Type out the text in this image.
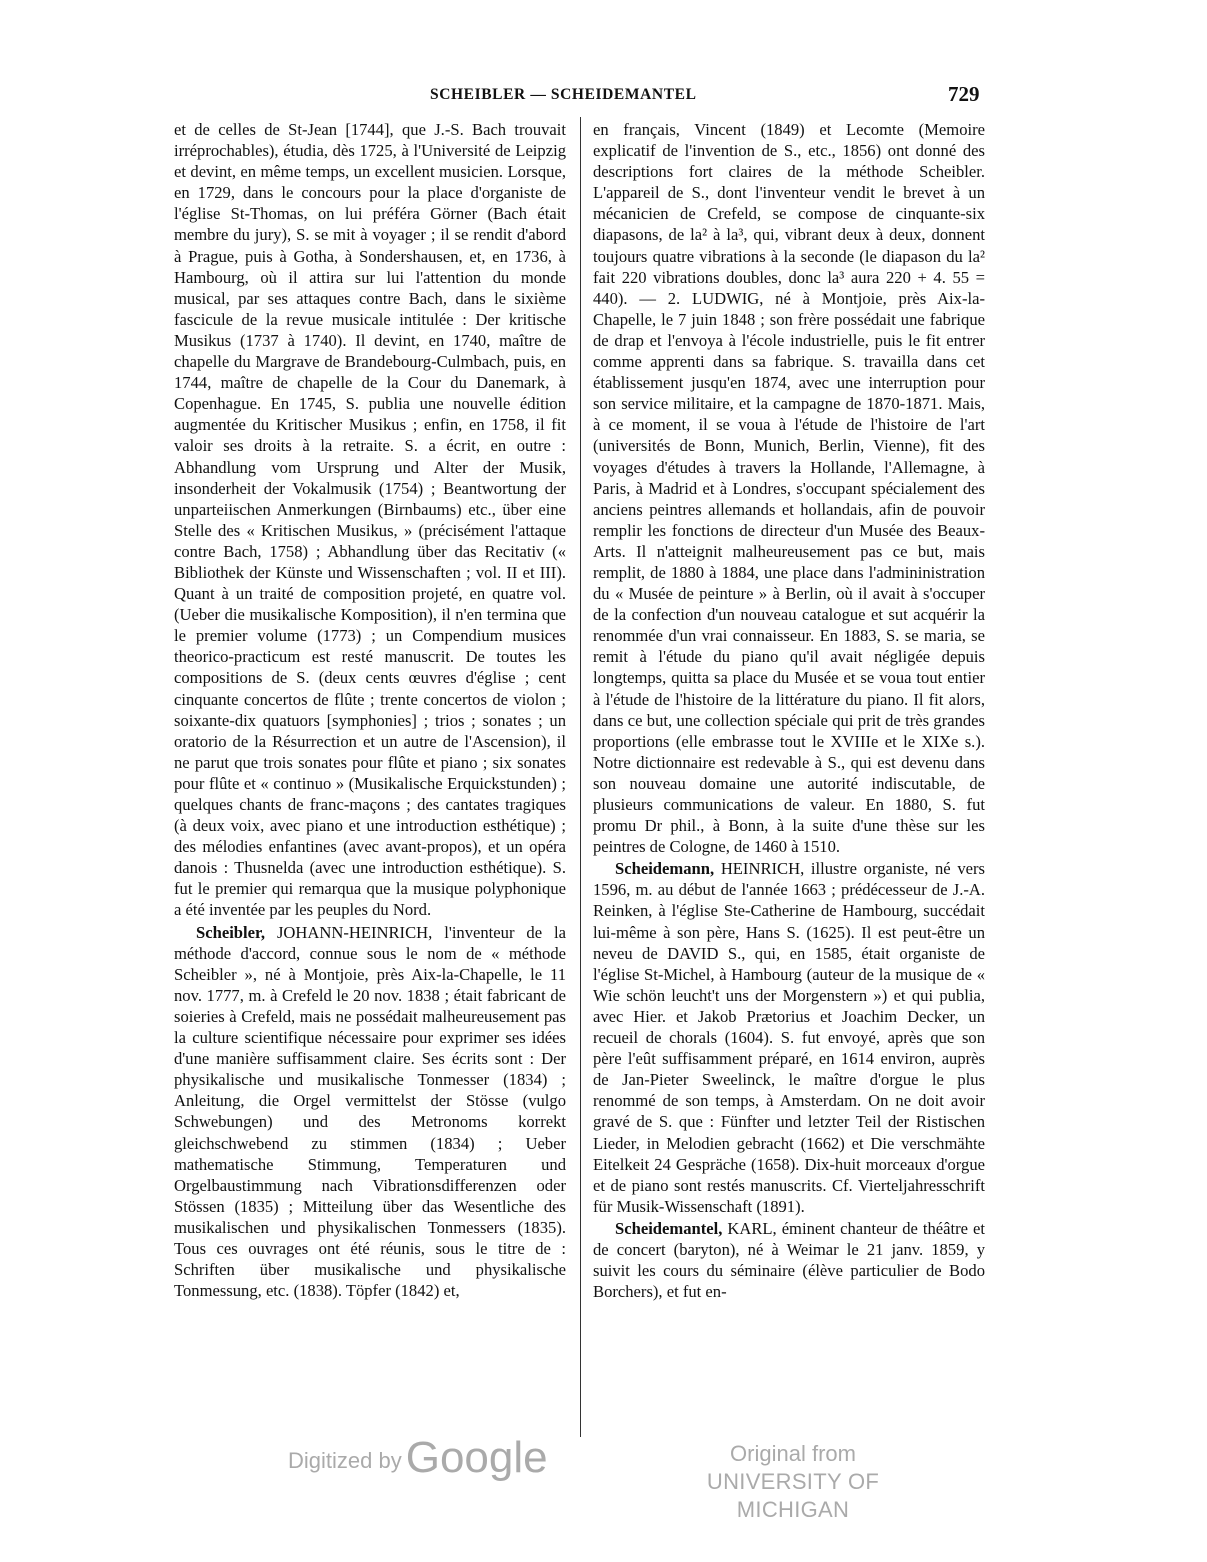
SCHEIBLER — SCHEIDEMANTEL	729

et de celles de St-Jean [1744], que J.-S. Bach trouvait irréprochables), étudia, dès 1725, à l'Université de Leipzig et devint, en même temps, un excellent musicien. Lorsque, en 1729, dans le concours pour la place d'organiste de l'église St-Thomas, on lui préféra Görner (Bach était membre du jury), S. se mit à voyager ; il se rendit d'abord à Prague, puis à Gotha, à Sondershausen, et, en 1736, à Hambourg, où il attira sur lui l'attention du monde musical, par ses attaques contre Bach, dans le sixième fascicule de la revue musicale intitulée : Der kritische Musikus (1737 à 1740). Il devint, en 1740, maître de chapelle du Margrave de Brandebourg-Culmbach, puis, en 1744, maître de chapelle de la Cour du Danemark, à Copenhague. En 1745, S. publia une nouvelle édition augmentée du Kritischer Musikus ; enfin, en 1758, il fit valoir ses droits à la retraite. S. a écrit, en outre : Abhandlung vom Ursprung und Alter der Musik, insonderheit der Vokalmusik (1754) ; Beantwortung der unparteiischen Anmerkungen (Birnbaums) etc., über eine Stelle des « Kritischen Musikus, » (précisément l'attaque contre Bach, 1758) ; Abhandlung über das Recitativ (« Bibliothek der Künste und Wissenschaften ; vol. II et III). Quant à un traité de composition projeté, en quatre vol. (Ueber die musikalische Komposition), il n'en termina que le premier volume (1773) ; un Compendium musices theorico-practicum est resté manuscrit. De toutes les compositions de S. (deux cents œuvres d'église ; cent cinquante concertos de flûte ; trente concertos de violon ; soixante-dix quatuors [symphonies] ; trios ; sonates ; un oratorio de la Résurrection et un autre de l'Ascension), il ne parut que trois sonates pour flûte et piano ; six sonates pour flûte et « continuo » (Musikalische Erquickstunden) ; quelques chants de franc-maçons ; des cantates tragiques (à deux voix, avec piano et une introduction esthétique) ; des mélodies enfantines (avec avant-propos), et un opéra danois : Thusnelda (avec une introduction esthétique). S. fut le premier qui remarqua que la musique polyphonique a été inventée par les peuples du Nord.

Scheibler, JOHANN-HEINRICH, l'inventeur de la méthode d'accord, connue sous le nom de « méthode Scheibler », né à Montjoie, près Aix-la-Chapelle, le 11 nov. 1777, m. à Crefeld le 20 nov. 1838 ; était fabricant de soieries à Crefeld, mais ne possédait malheureusement pas la culture scientifique nécessaire pour exprimer ses idées d'une manière suffisamment claire. Ses écrits sont : Der physikalische und musikalische Tonmesser (1834) ; Anleitung, die Orgel vermittelst der Stösse (vulgo Schwebungen) und des Metronoms korrekt gleichschwebend zu stimmen (1834) ; Ueber mathematische Stimmung, Temperaturen und Orgelbaustimmung nach Vibrationsdifferenzen oder Stössen (1835) ; Mitteilung über das Wesentliche des musikalischen und physikalischen Tonmessers (1835). Tous ces ouvrages ont été réunis, sous le titre de : Schriften über musikalische und physikalische Tonmessung, etc. (1838). Töpfer (1842) et,

en français, Vincent (1849) et Lecomte (Memoire explicatif de l'invention de S., etc., 1856) ont donné des descriptions fort claires de la méthode Scheibler. L'appareil de S., dont l'inventeur vendit le brevet à un mécanicien de Crefeld, se compose de cinquante-six diapasons, de la² à la³, qui, vibrant deux à deux, donnent toujours quatre vibrations à la seconde (le diapason du la² fait 220 vibrations doubles, donc la³ aura 220 + 4. 55 = 440). — 2. LUDWIG, né à Montjoie, près Aix-la-Chapelle, le 7 juin 1848 ; son frère possédait une fabrique de drap et l'envoya à l'école industrielle, puis le fit entrer comme apprenti dans sa fabrique. S. travailla dans cet établissement jusqu'en 1874, avec une interruption pour son service militaire, et la campagne de 1870-1871. Mais, à ce moment, il se voua à l'étude de l'histoire de l'art (universités de Bonn, Munich, Berlin, Vienne), fit des voyages d'études à travers la Hollande, l'Allemagne, à Paris, à Madrid et à Londres, s'occupant spécialement des anciens peintres allemands et hollandais, afin de pouvoir remplir les fonctions de directeur d'un Musée des Beaux-Arts. Il n'atteignit malheureusement pas ce but, mais remplit, de 1880 à 1884, une place dans l'admininistration du « Musée de peinture » à Berlin, où il avait à s'occuper de la confection d'un nouveau catalogue et sut acquérir la renommée d'un vrai connaisseur. En 1883, S. se maria, se remit à l'étude du piano qu'il avait négligée depuis longtemps, quitta sa place du Musée et se voua tout entier à l'étude de l'histoire de la littérature du piano. Il fit alors, dans ce but, une collection spéciale qui prit de très grandes proportions (elle embrasse tout le XVIIIe et le XIXe s.). Notre dictionnaire est redevable à S., qui est devenu dans son nouveau domaine une autorité indiscutable, de plusieurs communications de valeur. En 1880, S. fut promu Dr phil., à Bonn, à la suite d'une thèse sur les peintres de Cologne, de 1460 à 1510.

Scheidemann, HEINRICH, illustre organiste, né vers 1596, m. au début de l'année 1663 ; prédécesseur de J.-A. Reinken, à l'église Ste-Catherine de Hambourg, succédait lui-même à son père, Hans S. (1625). Il est peut-être un neveu de DAVID S., qui, en 1585, était organiste de l'église St-Michel, à Hambourg (auteur de la musique de « Wie schön leucht't uns der Morgenstern ») et qui publia, avec Hier. et Jakob Prætorius et Joachim Decker, un recueil de chorals (1604). S. fut envoyé, après que son père l'eût suffisamment préparé, en 1614 environ, auprès de Jan-Pieter Sweelinck, le maître d'orgue le plus renommé de son temps, à Amsterdam. On ne doit avoir gravé de S. que : Fünfter und letzter Teil der Ristischen Lieder, in Melodien gebracht (1662) et Die verschmähte Eitelkeit 24 Gespräche (1658). Dix-huit morceaux d'orgue et de piano sont restés manuscrits. Cf. Vierteljahresschrift für Musik-Wissenschaft (1891).

Scheidemantel, KARL, éminent chanteur de théâtre et de concert (baryton), né à Weimar le 21 janv. 1859, y suivit les cours du séminaire (élève particulier de Bodo Borchers), et fut en-

Digitized byGoogle	Original from
UNIVERSITY OF MICHIGAN
